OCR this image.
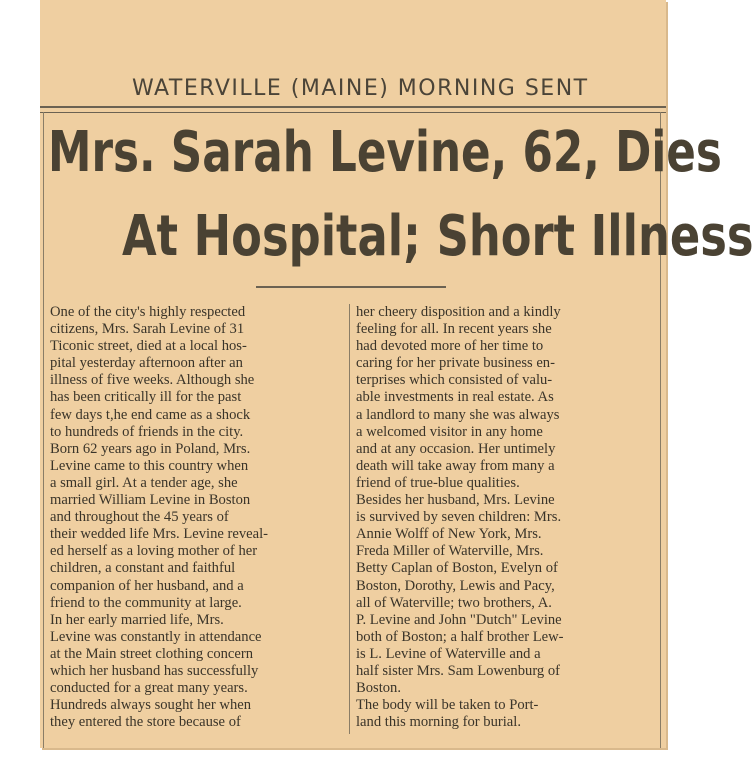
WATERVILLE (MAINE) MORNING SENT
Mrs. Sarah Levine, 62, Dies
At Hospital; Short Illness
One of the city's highly respected
citizens, Mrs. Sarah Levine of 31
Ticonic street, died at a local hos-
pital yesterday afternoon after an
illness of five weeks. Although she
has been critically ill for the past
few days t,he end came as a shock
to hundreds of friends in the city.
Born 62 years ago in Poland, Mrs.
Levine came to this country when
a small girl. At a tender age, she
married William Levine in Boston
and throughout the 45 years of
their wedded life Mrs. Levine reveal-
ed herself as a loving mother of her
children, a constant and faithful
companion of her husband, and a
friend to the community at large.
In her early married life, Mrs.
Levine was constantly in attendance
at the Main street clothing concern
which her husband has successfully
conducted for a great many years.
Hundreds always sought her when
they entered the store because of
her cheery disposition and a kindly
feeling for all. In recent years she
had devoted more of her time to
caring for her private business en-
terprises which consisted of valu-
able investments in real estate. As
a landlord to many she was always
a welcomed visitor in any home
and at any occasion. Her untimely
death will take away from many a
friend of true-blue qualities.
Besides her husband, Mrs. Levine
is survived by seven children: Mrs.
Annie Wolff of New York, Mrs.
Freda Miller of Waterville, Mrs.
Betty Caplan of Boston, Evelyn of
Boston, Dorothy, Lewis and Pacy,
all of Waterville; two brothers, A.
P. Levine and John "Dutch" Levine
both of Boston; a half brother Lew-
is L. Levine of Waterville and a
half sister Mrs. Sam Lowenburg of
Boston.
The body will be taken to Port-
land this morning for burial.
